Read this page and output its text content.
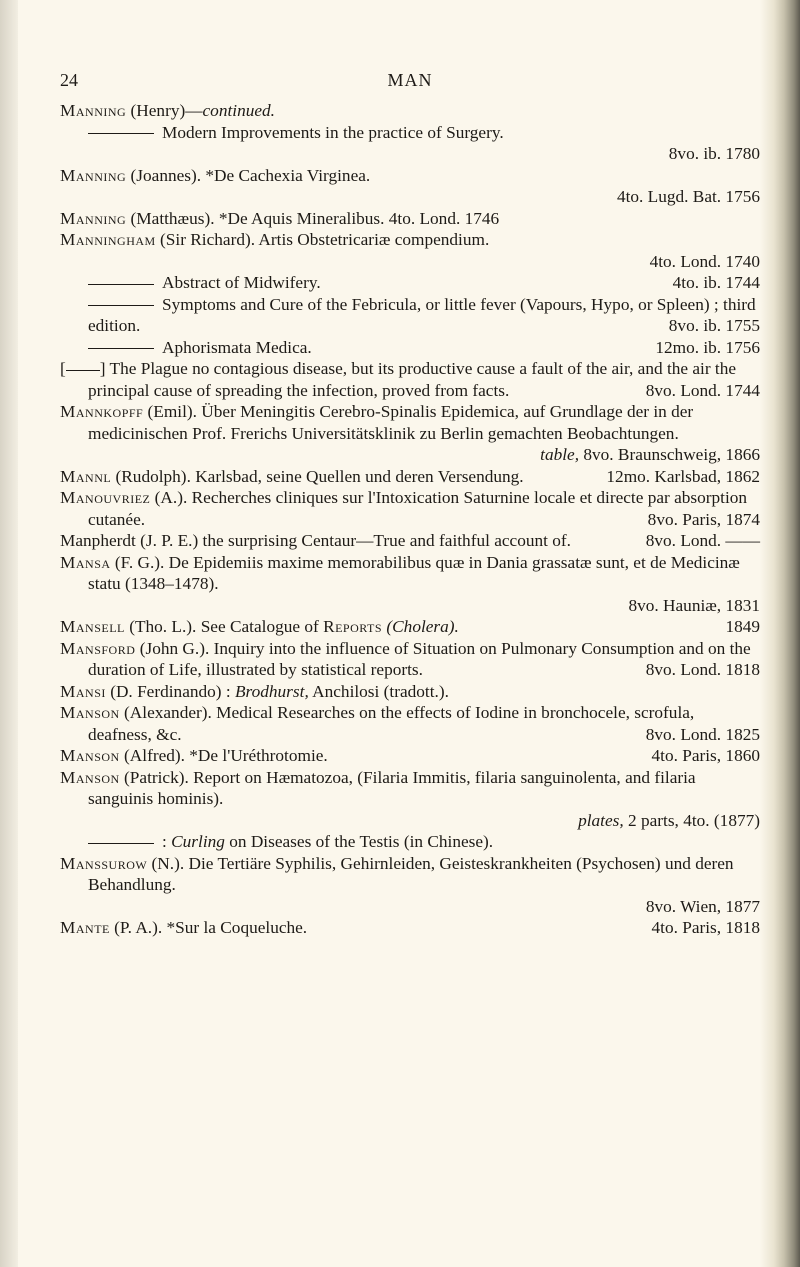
24	MAN

Manning (Henry)—continued.

Modern Improvements in the practice of Surgery.
8vo. ib. 1780

Manning (Joannes). *De Cachexia Virginea.
4to. Lugd. Bat. 1756

Manning (Matthæus). *De Aquis Mineralibus. 4to. Lond. 1746

Manningham (Sir Richard). Artis Obstetricariæ compendium.
4to. Lond. 1740

Abstract of Midwifery.	4to. ib. 1744

Symptoms and Cure of the Febricula, or little fever (Vapours, Hypo, or Spleen) ; third edition.	8vo. ib. 1755

Aphorismata Medica.	12mo. ib. 1756

[ ] The Plague no contagious disease, but its productive cause a fault of the air, and the air the principal cause of spreading the infection, proved from facts.	8vo. Lond. 1744

Mannkopff (Emil). Über Meningitis Cerebro-Spinalis Epidemica, auf Grundlage der in der medicinischen Prof. Frerichs Universitätsklinik zu Berlin gemachten Beobachtungen.
table, 8vo. Braunschweig, 1866

Mannl (Rudolph). Karlsbad, seine Quellen und deren Versendung.	12mo. Karlsbad, 1862

Manouvriez (A.). Recherches cliniques sur l'Intoxication Saturnine locale et directe par absorption cutanée.	8vo. Paris, 1874

Manpherdt (J. P. E.) the surprising Centaur—True and faithful account of.	8vo. Lond. ——

Mansa (F. G.). De Epidemiis maxime memorabilibus quæ in Dania grassatæ sunt, et de Medicinæ statu (1348–1478).
8vo. Hauniæ, 1831

Mansell (Tho. L.). See Catalogue of Reports (Cholera).	1849

Mansford (John G.). Inquiry into the influence of Situation on Pulmonary Consumption and on the duration of Life, illustrated by statistical reports.	8vo. Lond. 1818

Mansi (D. Ferdinando) : Brodhurst, Anchilosi (tradott.).

Manson (Alexander). Medical Researches on the effects of Iodine in bronchocele, scrofula, deafness, &c.	8vo. Lond. 1825

Manson (Alfred). *De l'Uréthrotomie.	4to. Paris, 1860

Manson (Patrick). Report on Hæmatozoa, (Filaria Immitis, filaria sanguinolenta, and filaria sanguinis hominis).
plates, 2 parts, 4to. (1877)

: Curling on Diseases of the Testis (in Chinese).

Manssurow (N.). Die Tertiäre Syphilis, Gehirnleiden, Geisteskrankheiten (Psychosen) und deren Behandlung.
8vo. Wien, 1877

Mante (P. A.). *Sur la Coqueluche.	4to. Paris, 1818
